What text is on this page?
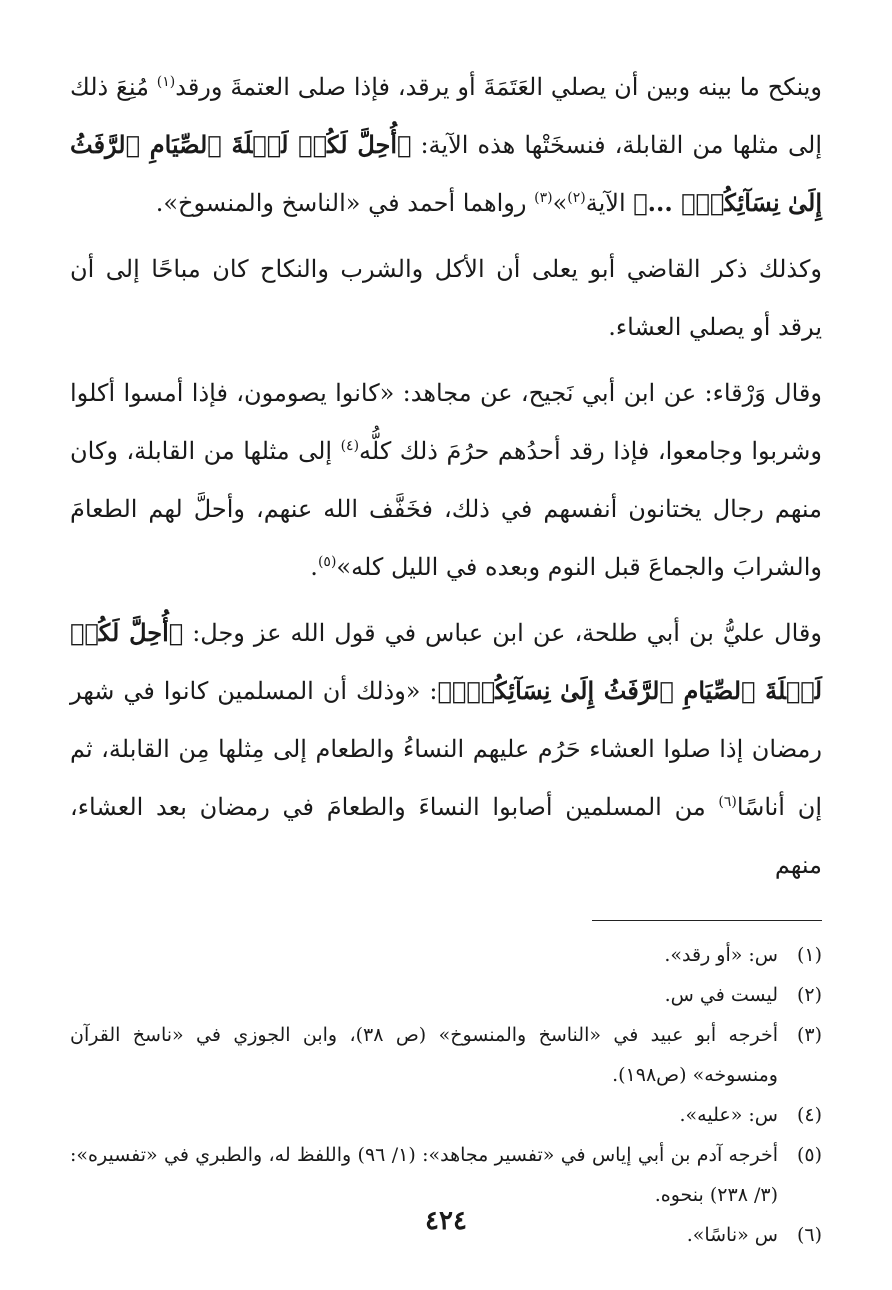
وينكح ما بينه وبين أن يصلي العَتَمَةَ أو يرقد، فإذا صلى العتمةَ ورقد$^{(١)}$ مُنِعَ ذلك إلى مثلها من القابلة، فنسخَتْها هذه الآية: ﴿أُحِلَّ لَكُمۡ لَيۡلَةَ ٱلصِّيَامِ ٱلرَّفَثُ إِلَىٰ نِسَآئِكُمۡۚ ...﴾ الآية$^{(٢)}$»$^{(٣)}$ رواهما أحمد في «الناسخ والمنسوخ».

وكذلك ذكر القاضي أبو يعلى أن الأكل والشرب والنكاح كان مباحًا إلى أن يرقد أو يصلي العشاء.

وقال وَرْقاء: عن ابن أبي نَجيح، عن مجاهد: «كانوا يصومون، فإذا أمسوا أكلوا وشربوا وجامعوا، فإذا رقد أحدُهم حرُمَ ذلك كلُّه$^{(٤)}$ إلى مثلها من القابلة، وكان منهم رجال يختانون أنفسهم في ذلك، فخَفَّف الله عنهم، وأحلَّ لهم الطعامَ والشرابَ والجماعَ قبل النوم وبعده في الليل كله»$^{(٥)}$.

وقال عليُّ بن أبي طلحة، عن ابن عباس في قول الله عز وجل: ﴿أُحِلَّ لَكُمۡ لَيۡلَةَ ٱلصِّيَامِ ٱلرَّفَثُ إِلَىٰ نِسَآئِكُمۡۚ﴾: «وذلك أن المسلمين كانوا في شهر رمضان إذا صلوا العشاء حَرُم عليهم النساءُ والطعام إلى مِثلها مِن القابلة، ثم إن أناسًا$^{(٦)}$ من المسلمين أصابوا النساءَ والطعامَ في رمضان بعد العشاء، منهم

(١)
س: «أو رقد».
(٢)
ليست في س.
(٣)
أخرجه أبو عبيد في «الناسخ والمنسوخ» (ص ٣٨)، وابن الجوزي في «ناسخ القرآن ومنسوخه» (ص١٩٨).
(٤)
س: «عليه».
(٥)
أخرجه آدم بن أبي إياس في «تفسير مجاهد»: (١/ ٩٦) واللفظ له، والطبري في «تفسيره»: (٣/ ٢٣٨) بنحوه.
(٦)
س «ناسًا».
٤٢٤
